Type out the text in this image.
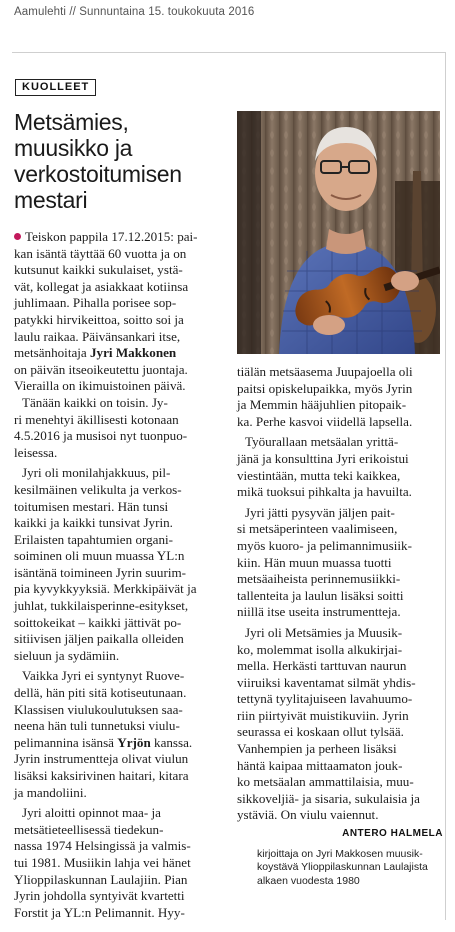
Aamulehti // Sunnuntaina 15. toukokuuta 2016
KUOLLEET
Metsämies,
muusikko ja
verkostoitumisen
mestari

Teiskon pappila 17.12.2015: pai-
kan isäntä täyttää 60 vuotta ja on
kutsunut kaikki sukulaiset, ystä-
vät, kollegat ja asiakkaat kotiinsa
juhlimaan. Pihalla porisee sop-
patykki hirvikeittoa, soitto soi ja
laulu raikaa. Päivänsankari itse,
metsänhoitaja Jyri Makkonen
on päivän itseoikeutettu juontaja.
Vieraillа on ikimuistoinen päivä.

Tänään kaikki on toisin. Jy-
ri menehtyi äkillisesti kotonaan
4.5.2016 ja musisoi nyt tuonpuo-
leisessa.

Jyri oli monilahjakkuus, pil-
kesilmäinen velikulta ja verkos-
toitumisen mestari. Hän tunsi
kaikki ja kaikki tunsivat Jyrin.
Erilaisten tapahtumien organi-
soiminen oli muun muassa YL:n
isäntänä toimineen Jyrin suurim-
pia kyvykkyyksiä. Merkkipäivät ja
juhlat, tukkilaisperinne-esitykset,
soittokeikat – kaikki jättivät po-
sitiivisen jäljen paikalla olleiden
sieluun ja sydämiin.

Vaikka Jyri ei syntynyt Ruove-
dellä, hän piti sitä kotiseutunaan.
Klassisen viulukoulutuksen saa-
neena hän tuli tunnetuksi viulu-
pelimannina isänsä Yrjön kanssa.
Jyrin instrumentteja olivat viulun
lisäksi kaksirivinen haitari, kitara
ja mandoliini.

Jyri aloitti opinnot maa- ja
metsätieteellisessä tiedekun-
nassa 1974 Helsingissä ja valmis-
tui 1981. Musiikin lahja vei hänet
Ylioppilaskunnan Laulajiin. Pian
Jyrin johdolla syntyivät kvartetti
Forstit ja YL:n Pelimannit. Hyy-

tiälän metsäasema Juupajoella oli
paitsi opiskelupaikka, myös Jyrin
ja Memmin hääjuhlien pitopaik-
ka. Perhe kasvoi viidellä lapsella.

Työurallaan metsäalan yrittä-
jänä ja konsulttina Jyri erikoistui
viestintään, mutta teki kaikkea,
mikä tuoksui pihkalta ja havuilta.

Jyri jätti pysyvän jäljen pait-
si metsäperinteen vaalimiseen,
myös kuoro- ja pelimannimusiik-
kiin. Hän muun muassa tuotti
metsäaiheista perinnemusiikki-
tallenteita ja laulun lisäksi soitti
niillä itse useita instrumentteja.

Jyri oli Metsämies ja Muusik-
ko, molemmat isolla alkukirjai-
mella. Herkästi tarttuvan naurun
viiruiksi kaventamat silmät yhdis-
tettynä tyylitajuiseen lavahuumo-
riin piirtyivät muistikuviin. Jyrin
seurassa ei koskaan ollut tylsää.
Vanhempien ja perheen lisäksi
häntä kaipaa mittaamaton jouk-
ko metsäalan ammattilaisia, muu-
sikkoveljiä- ja sisaria, sukulaisia ja
ystäviä. On viulu vaiennut.

ANTERO HALMELA
kirjoittaja on Jyri Makkosen muusik-
koystävä Ylioppilaskunnan Laulajista
alkaen vuodesta 1980
